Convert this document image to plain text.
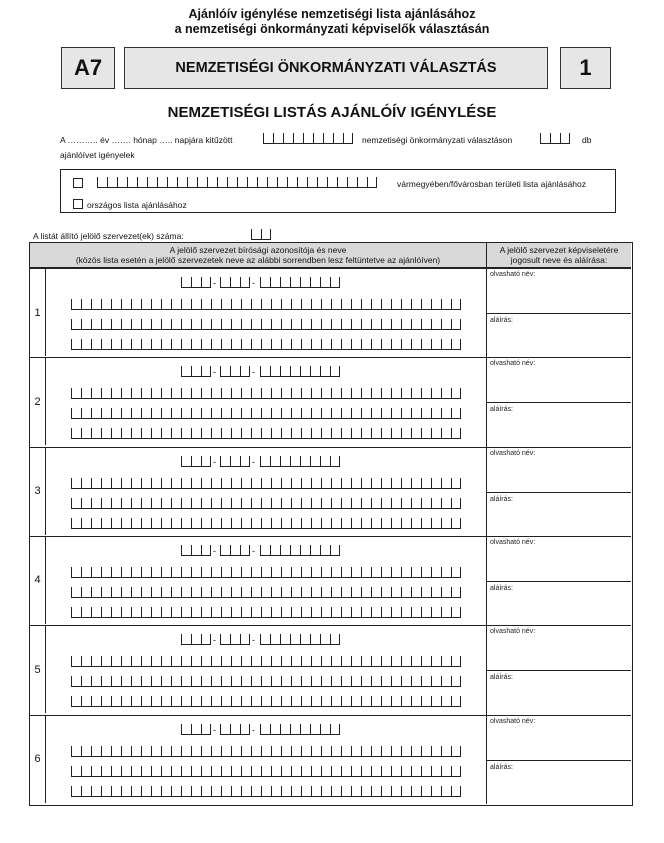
Ajánlóív igénylése nemzetiségi lista ajánlásához
a nemzetiségi önkormányzati képviselők választásán
A7	NEMZETISÉGI ÖNKORMÁNYZATI VÁLASZTÁS	1
NEMZETISÉGI LISTÁS AJÁNLÓÍV IGÉNYLÉSE
A ……….. év ……. hónap ….. napjára kitűzött	nemzetiségi önkormányzati választáson	db
ajánlóívet igényelek
vármegyében/fővárosban területi lista ajánlásához
országos lista ajánlásához
A listát állító jelölő szervezet(ek) száma:
A jelölő szervezet bírósági azonosítója és neve
(közös lista esetén a jelölő szervezetek neve az alábbi sorrendben lesz feltüntetve az ajánlóíven)
A jelölő szervezet képviseletére
jogosult neve és aláírása:
1
-	-
olvasható név:
aláírás:
2
-	-
olvasható név:
aláírás:
3
-	-
olvasható név:
aláírás:
4
-	-
olvasható név:
aláírás:
5
-	-
olvasható név:
aláírás:
6
-	-
olvasható név:
aláírás:
